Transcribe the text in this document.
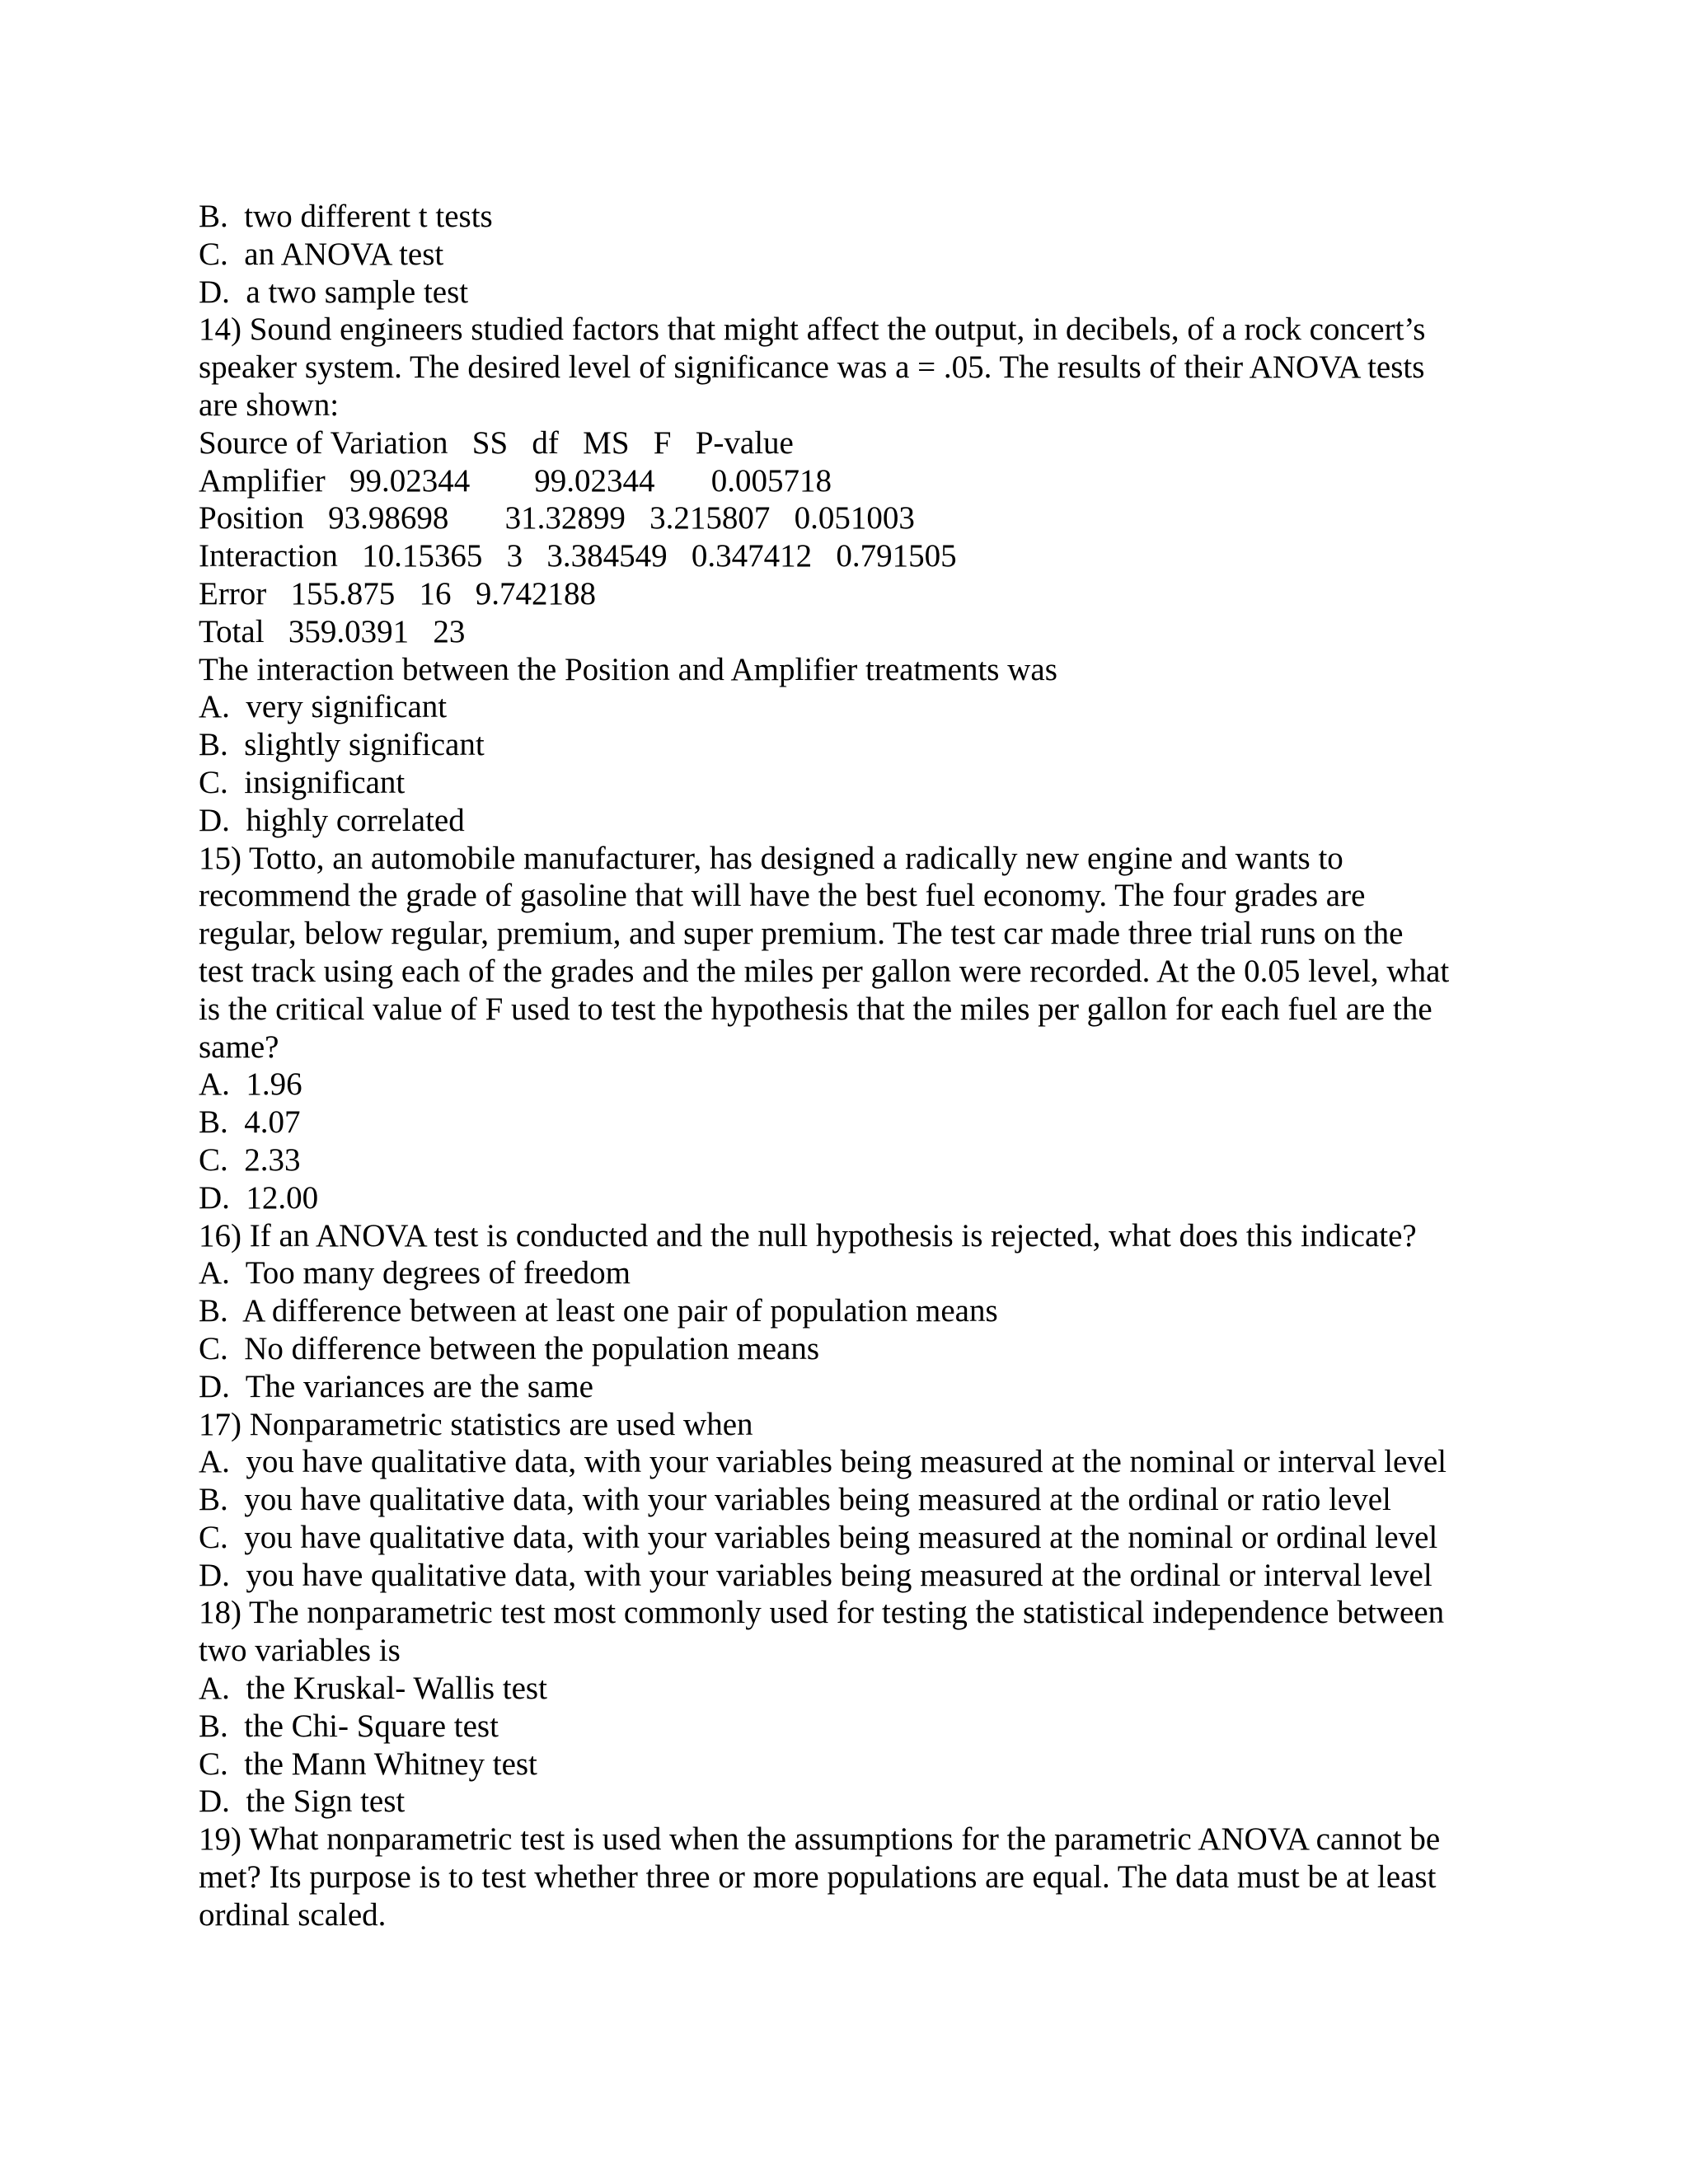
B.  two different t tests
C.  an ANOVA test
D.  a two sample test
14) Sound engineers studied factors that might affect the output, in decibels, of a rock concert’s
speaker system. The desired level of significance was a = .05. The results of their ANOVA tests
are shown:
Source of Variation   SS   df   MS   F   P-value
Amplifier   99.02344        99.02344       0.005718
Position   93.98698       31.32899   3.215807   0.051003
Interaction   10.15365   3   3.384549   0.347412   0.791505
Error   155.875   16   9.742188
Total   359.0391   23
The interaction between the Position and Amplifier treatments was
A.  very significant
B.  slightly significant
C.  insignificant
D.  highly correlated
15) Totto, an automobile manufacturer, has designed a radically new engine and wants to
recommend the grade of gasoline that will have the best fuel economy. The four grades are
regular, below regular, premium, and super premium. The test car made three trial runs on the
test track using each of the grades and the miles per gallon were recorded. At the 0.05 level, what
is the critical value of F used to test the hypothesis that the miles per gallon for each fuel are the
same?
A.  1.96
B.  4.07
C.  2.33
D.  12.00
16) If an ANOVA test is conducted and the null hypothesis is rejected, what does this indicate?
A.  Too many degrees of freedom
B.  A difference between at least one pair of population means
C.  No difference between the population means
D.  The variances are the same
17) Nonparametric statistics are used when
A.  you have qualitative data, with your variables being measured at the nominal or interval level
B.  you have qualitative data, with your variables being measured at the ordinal or ratio level
C.  you have qualitative data, with your variables being measured at the nominal or ordinal level
D.  you have qualitative data, with your variables being measured at the ordinal or interval level
18) The nonparametric test most commonly used for testing the statistical independence between
two variables is
A.  the Kruskal- Wallis test
B.  the Chi- Square test
C.  the Mann Whitney test
D.  the Sign test
19) What nonparametric test is used when the assumptions for the parametric ANOVA cannot be
met? Its purpose is to test whether three or more populations are equal. The data must be at least
ordinal scaled.
